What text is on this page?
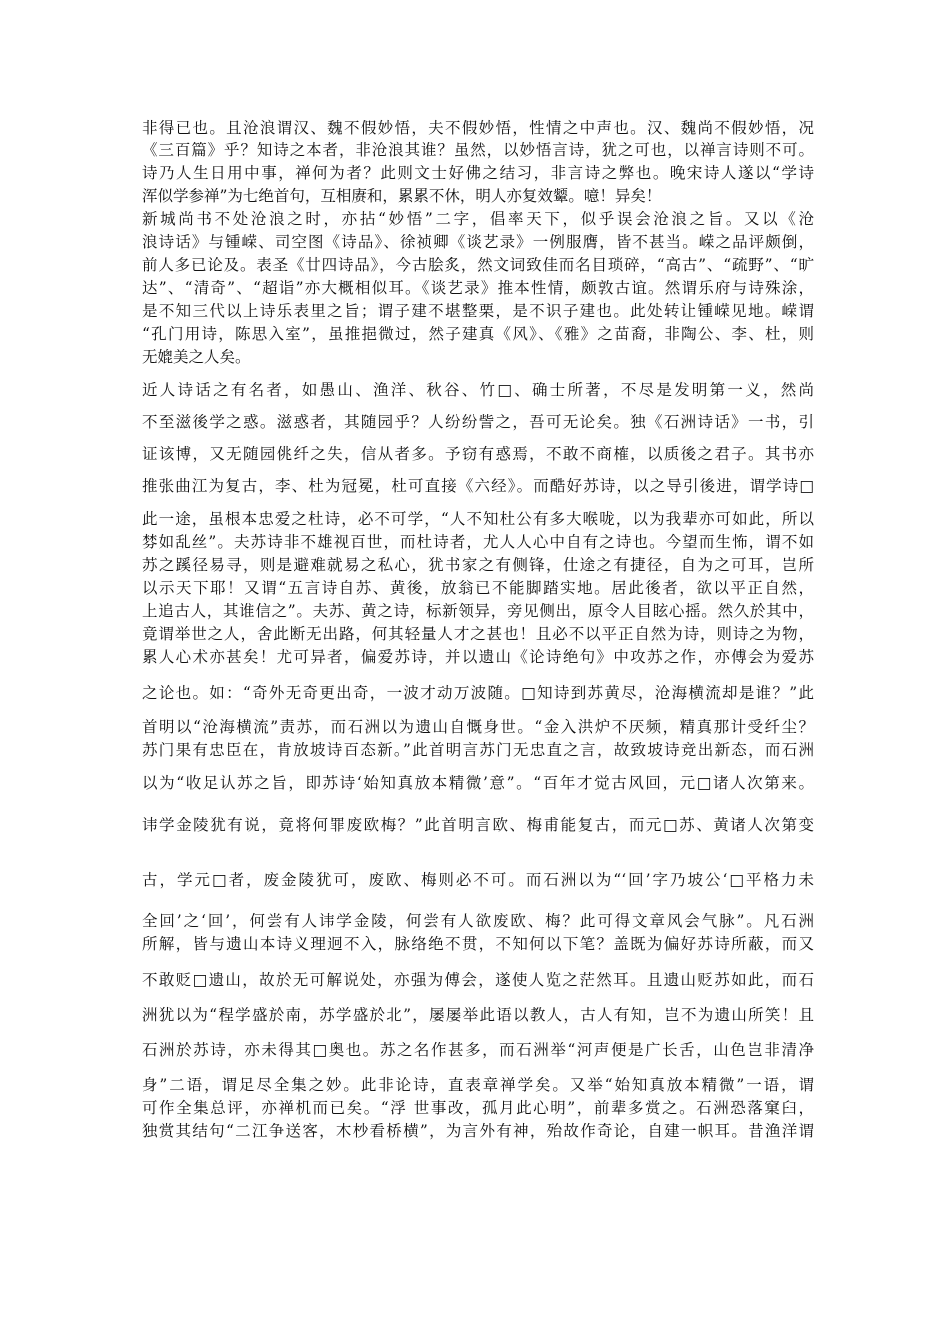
非得已也。且沧浪谓汉、魏不假妙悟，夫不假妙悟，性情之中声也。汉、魏尚不假妙悟，况
《三百篇》乎？知诗之本者，非沧浪其谁？虽然，以妙悟言诗，犹之可也，以禅言诗则不可。
诗乃人生日用中事，禅何为者？此则文士好佛之结习，非言诗之弊也。晚宋诗人遂以“学诗
浑似学参禅”为七绝首句，互相赓和，累累不休，明人亦复效颦。噫！异矣！
新城尚书不处沧浪之时，亦拈“妙悟”二字，倡率天下，似乎误会沧浪之旨。又以《沧
浪诗话》与锺嵘、司空图《诗品》、徐祯卿《谈艺录》一例服膺，皆不甚当。嵘之品评颇倒，
前人多已论及。表圣《廿四诗品》，今古脍炙，然文词致佳而名目琐碎，“高古”、“疏野”、“旷
达”、“清奇”、“超诣”亦大概相似耳。《谈艺录》推本性情，颇敦古谊。然谓乐府与诗殊涂，
是不知三代以上诗乐表里之旨；谓子建不堪整栗，是不识子建也。此处转让锺嵘见地。嵘谓
“孔门用诗，陈思入室”，虽推挹微过，然子建真《风》、《雅》之苗裔，非陶公、李、杜，则
无媲美之人矣。
近人诗话之有名者，如愚山、渔洋、秋谷、竹□、确士所著，不尽是发明第一义，然尚
不至滋後学之惑。滋惑者，其随园乎？人纷纷訾之，吾可无论矣。独《石洲诗话》一书，引
证该博，又无随园佻纤之失，信从者多。予窃有惑焉，不敢不商榷，以质後之君子。其书亦
推张曲江为复古，李、杜为冠冕，杜可直接《六经》。而酷好苏诗，以之导引後进，谓学诗□
此一途，虽根本忠爱之杜诗，必不可学，“人不知杜公有多大喉咙，以为我辈亦可如此，所以
棼如乱丝”。夫苏诗非不雄视百世，而杜诗者，尤人人心中自有之诗也。今望而生怖，谓不如
苏之蹊径易寻，则是避难就易之私心，犹书家之有侧锋，仕途之有捷径，自为之可耳，岂所
以示天下耶！又谓“五言诗自苏、黄後，放翁已不能脚踏实地。居此後者，欲以平正自然，
上追古人，其谁信之”。夫苏、黄之诗，标新领异，旁见侧出，原令人目眩心摇。然久於其中，
竟谓举世之人，舍此断无出路，何其轻量人才之甚也！且必不以平正自然为诗，则诗之为物，
累人心术亦甚矣！尤可异者，偏爱苏诗，并以遗山《论诗绝句》中攻苏之作，亦傅会为爱苏
之论也。如：“奇外无奇更出奇，一波才动万波随。□知诗到苏黄尽，沧海横流却是谁？”此
首明以“沧海横流”责苏，而石洲以为遗山自慨身世。“金入洪炉不厌频，精真那计受纤尘？
苏门果有忠臣在，肯放坡诗百态新。”此首明言苏门无忠直之言，故致坡诗竞出新态，而石洲
以为“收足认苏之旨，即苏诗‘始知真放本精微’意”。“百年才觉古风回，元□诸人次第来。
讳学金陵犹有说，竟将何罪废欧梅？”此首明言欧、梅甫能复古，而元□苏、黄诸人次第变
古，学元□者，废金陵犹可，废欧、梅则必不可。而石洲以为“‘回’字乃坡公‘□平格力未
全回’之‘回’，何尝有人讳学金陵，何尝有人欲废欧、梅？此可得文章风会气脉”。凡石洲
所解，皆与遗山本诗义理迥不入，脉络绝不贯，不知何以下笔？盖既为偏好苏诗所蔽，而又
不敢贬□遗山，故於无可解说处，亦强为傅会，遂使人览之茫然耳。且遗山贬苏如此，而石
洲犹以为“程学盛於南，苏学盛於北”，屡屡举此语以教人，古人有知，岂不为遗山所笑！且
石洲於苏诗，亦未得其□奥也。苏之名作甚多，而石洲举“河声便是广长舌，山色岂非清净
身”二语，谓足尽全集之妙。此非论诗，直表章禅学矣。又举“始知真放本精微”一语，谓
可作全集总评，亦禅机而已矣。“浮 世事改，孤月此心明”，前辈多赏之。石洲恐落窠臼，
独赏其结句“二江争送客，木杪看桥横”，为言外有神，殆故作奇论，自建一帜耳。昔渔洋谓
